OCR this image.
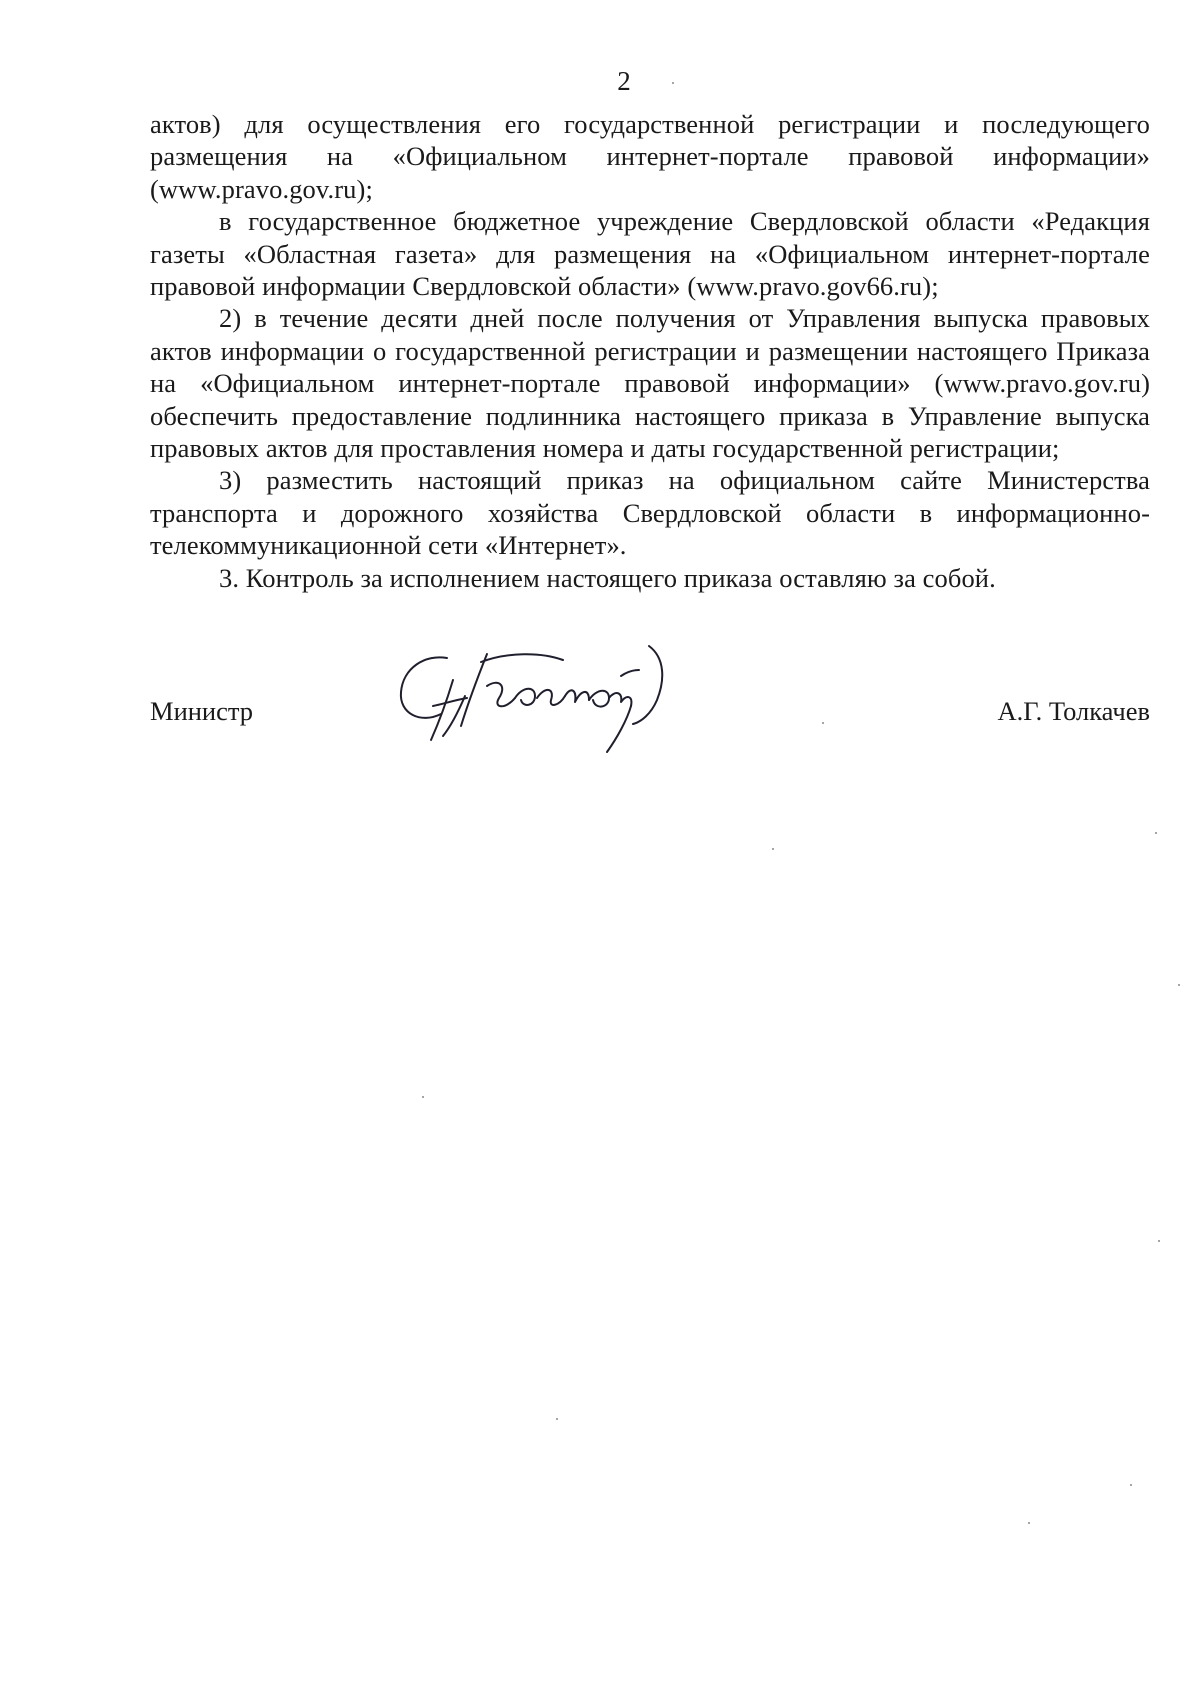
2

актов) для осуществления его государственной регистрации и последующего размещения на «Официальном интернет-портале правовой информации» (www.pravo.gov.ru);

в государственное бюджетное учреждение Свердловской области «Редакция газеты «Областная газета» для размещения на «Официальном интернет-портале правовой информации Свердловской области» (www.pravo.gov66.ru);

2) в течение десяти дней после получения от Управления выпуска правовых актов информации о государственной регистрации и размещении настоящего Приказа на «Официальном интернет-портале правовой информации» (www.pravo.gov.ru) обеспечить предоставление подлинника настоящего приказа в Управление выпуска правовых актов для проставления номера и даты государственной регистрации;

3) разместить настоящий приказ на официальном сайте Министерства транспорта и дорожного хозяйства Свердловской области в информационно-телекоммуникационной сети «Интернет».

3. Контроль за исполнением настоящего приказа оставляю за собой.

Министр	А.Г. Толкачев
